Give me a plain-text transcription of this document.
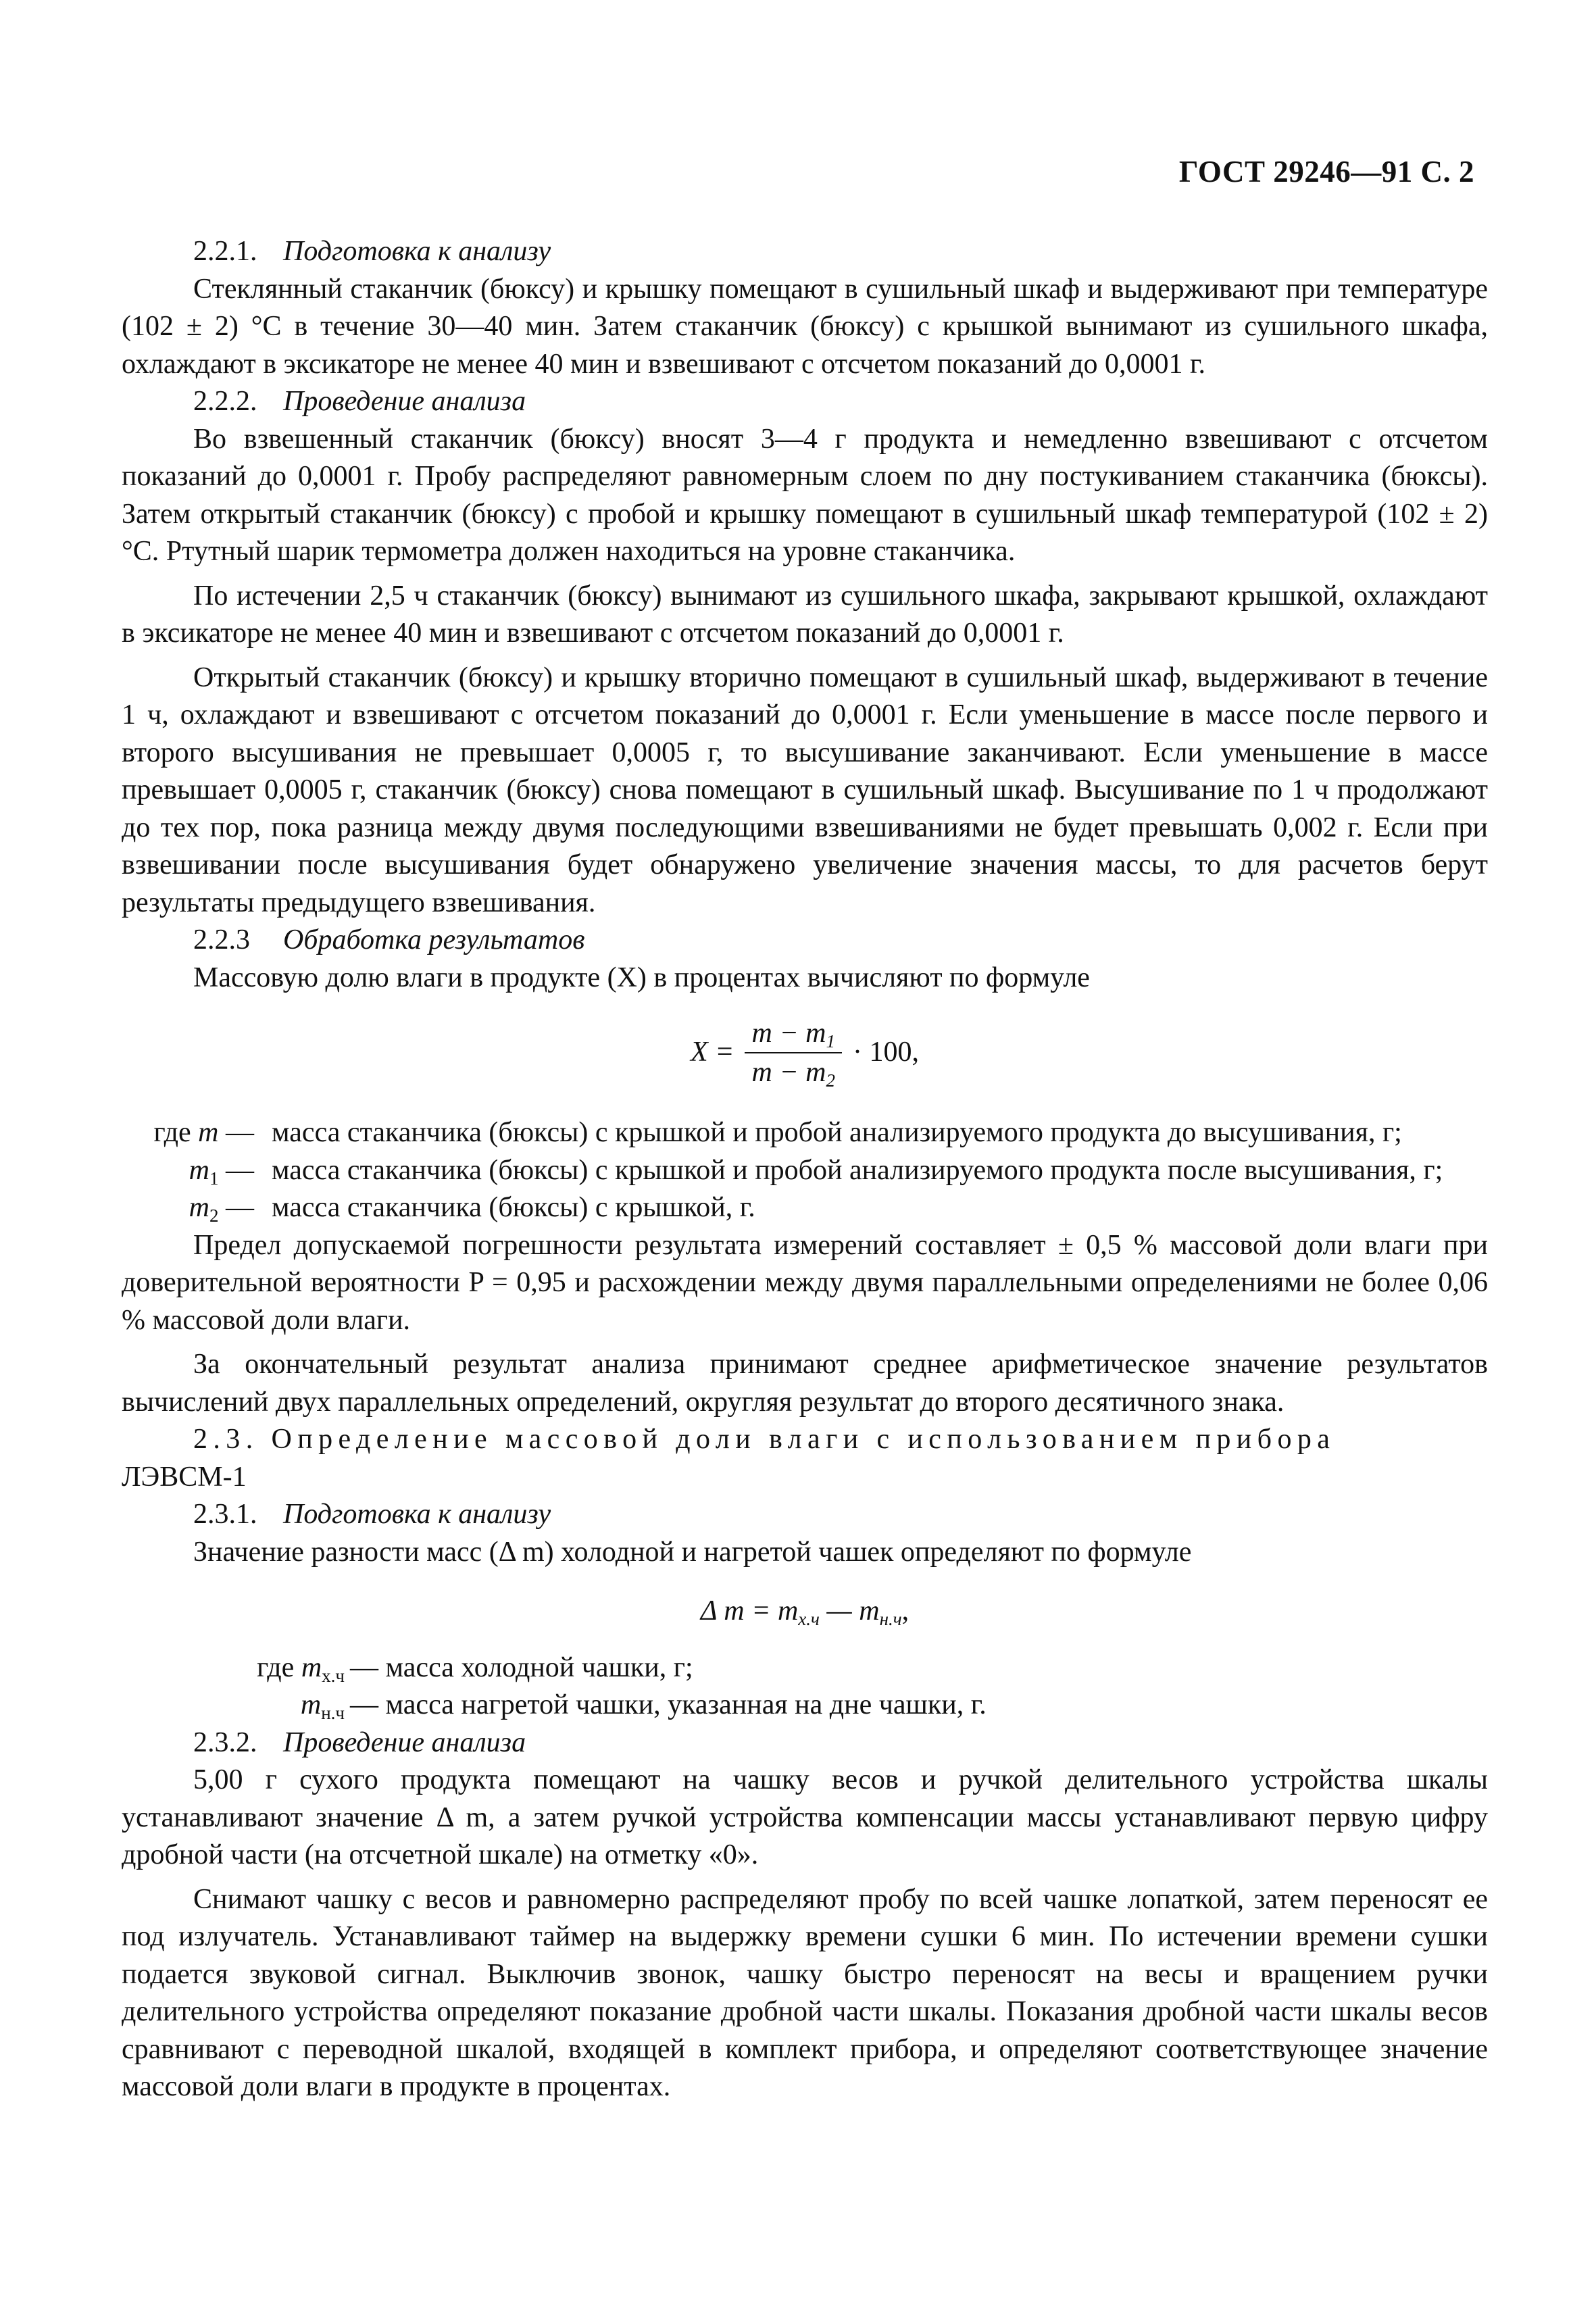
ГОСТ 29246—91 С. 2

2.2.1. Подготовка к анализу

Стеклянный стаканчик (бюксу) и крышку помещают в сушильный шкаф и выдерживают при температуре (102 ± 2) °С в течение 30—40 мин. Затем стаканчик (бюксу) с крышкой вынимают из сушильного шкафа, охлаждают в эксикаторе не менее 40 мин и взвешивают с отсчетом показаний до 0,0001 г.

2.2.2. Проведение анализа

Во взвешенный стаканчик (бюксу) вносят 3—4 г продукта и немедленно взвешивают с отсчетом показаний до 0,0001 г. Пробу распределяют равномерным слоем по дну постукиванием стаканчика (бюксы). Затем открытый стаканчик (бюксу) с пробой и крышку помещают в сушильный шкаф температурой (102 ± 2) °С. Ртутный шарик термометра должен находиться на уровне стаканчика.

По истечении 2,5 ч стаканчик (бюксу) вынимают из сушильного шкафа, закрывают крышкой, охлаждают в эксикаторе не менее 40 мин и взвешивают с отсчетом показаний до 0,0001 г.

Открытый стаканчик (бюксу) и крышку вторично помещают в сушильный шкаф, выдерживают в течение 1 ч, охлаждают и взвешивают с отсчетом показаний до 0,0001 г. Если уменьшение в массе после первого и второго высушивания не превышает 0,0005 г, то высушивание заканчивают. Если уменьшение в массе превышает 0,0005 г, стаканчик (бюксу) снова помещают в сушильный шкаф. Высушивание по 1 ч продолжают до тех пор, пока разница между двумя последующими взвешиваниями не будет превышать 0,002 г. Если при взвешивании после высушивания будет обнаружено увеличение значения массы, то для расчетов берут результаты предыдущего взвешивания.

2.2.3 Обработка результатов

Массовую долю влаги в продукте (X) в процентах вычисляют по формуле

$X = \frac{m - m_1}{m - m_2} \cdot 100$,
где m —	масса стаканчика (бюксы) с крышкой и пробой анализируемого продукта до высушивания, г;
$m_1$ —	масса стаканчика (бюксы) с крышкой и пробой анализируемого продукта после высушивания, г;
$m_2$ —	масса стаканчика (бюксы) с крышкой, г.

Предел допускаемой погрешности результата измерений составляет ± 0,5 % массовой доли влаги при доверительной вероятности P = 0,95 и расхождении между двумя параллельными определениями не более 0,06 % массовой доли влаги.

За окончательный результат анализа принимают среднее арифметическое значение результатов вычислений двух параллельных определений, округляя результат до второго десятичного знака.

2.3. Определение массовой доли влаги с использованием прибора

ЛЭВСМ-1

2.3.1. Подготовка к анализу

Значение разности масс (Δ m) холодной и нагретой чашек определяют по формуле

Δ $m = m_{х.ч}$ — $m_{н.ч}$,
где $m_{х.ч}$	— масса холодной чашки, г;
$m_{н.ч}$	— масса нагретой чашки, указанная на дне чашки, г.

2.3.2. Проведение анализа

5,00 г сухого продукта помещают на чашку весов и ручкой делительного устройства шкалы устанавливают значение Δ m, а затем ручкой устройства компенсации массы устанавливают первую цифру дробной части (на отсчетной шкале) на отметку «0».

Снимают чашку с весов и равномерно распределяют пробу по всей чашке лопаткой, затем переносят ее под излучатель. Устанавливают таймер на выдержку времени сушки 6 мин. По истечении времени сушки подается звуковой сигнал. Выключив звонок, чашку быстро переносят на весы и вращением ручки делительного устройства определяют показание дробной части шкалы. Показания дробной части шкалы весов сравнивают с переводной шкалой, входящей в комплект прибора, и определяют соответствующее значение массовой доли влаги в продукте в процентах.
